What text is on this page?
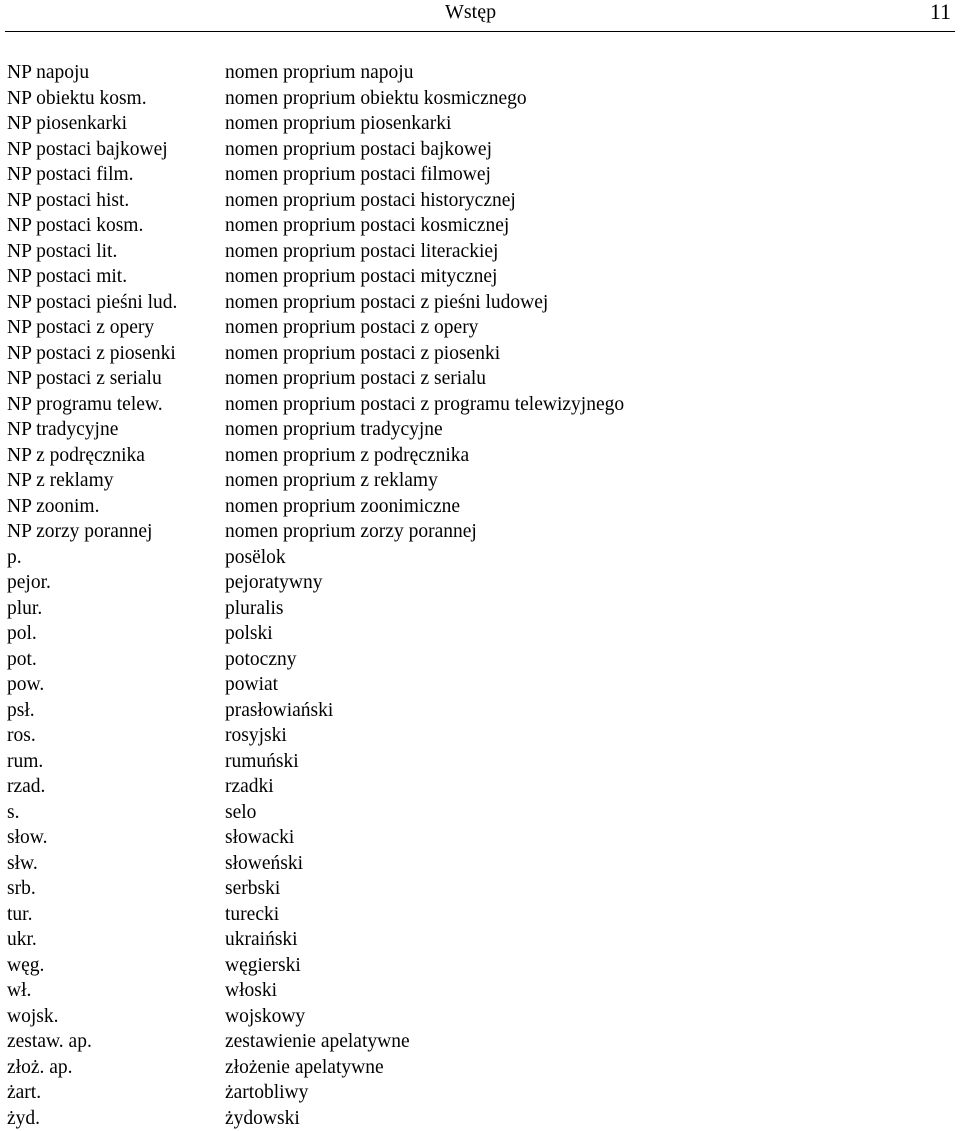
Wstęp	11
NP napoju	nomen proprium napoju
NP obiektu kosm.	nomen proprium obiektu kosmicznego
NP piosenkarki	nomen proprium piosenkarki
NP postaci bajkowej	nomen proprium postaci bajkowej
NP postaci film.	nomen proprium postaci filmowej
NP postaci hist.	nomen proprium postaci historycznej
NP postaci kosm.	nomen proprium postaci kosmicznej
NP postaci lit.	nomen proprium postaci literackiej
NP postaci mit.	nomen proprium postaci mitycznej
NP postaci pieśni lud. nomen proprium postaci z pieśni ludowej
NP postaci z opery	nomen proprium postaci z opery
NP postaci z piosenki	nomen proprium postaci z piosenki
NP postaci z serialu	nomen proprium postaci z serialu
NP programu telew.	nomen proprium postaci z programu telewizyjnego
NP tradycyjne	nomen proprium tradycyjne
NP z podręcznika	nomen proprium z podręcznika
NP z reklamy	nomen proprium z reklamy
NP zoonim.	nomen proprium zoonimiczne
NP zorzy porannej	nomen proprium zorzy porannej
p.	posëlok
pejor.	pejoratywny
plur.	pluralis
pol.	polski
pot.	potoczny
pow.	powiat
psł.	prasłowiański
ros.	rosyjski
rum.	rumuński
rzad.	rzadki
s.	selo
słow.	słowacki
słw.	słoweński
srb.	serbski
tur.	turecki
ukr.	ukraiński
węg.	węgierski
wł.	włoski
wojsk.	wojskowy
zestaw. ap.	zestawienie apelatywne
złoż. ap.	złożenie apelatywne
żart.	żartobliwy
żyd.	żydowski
